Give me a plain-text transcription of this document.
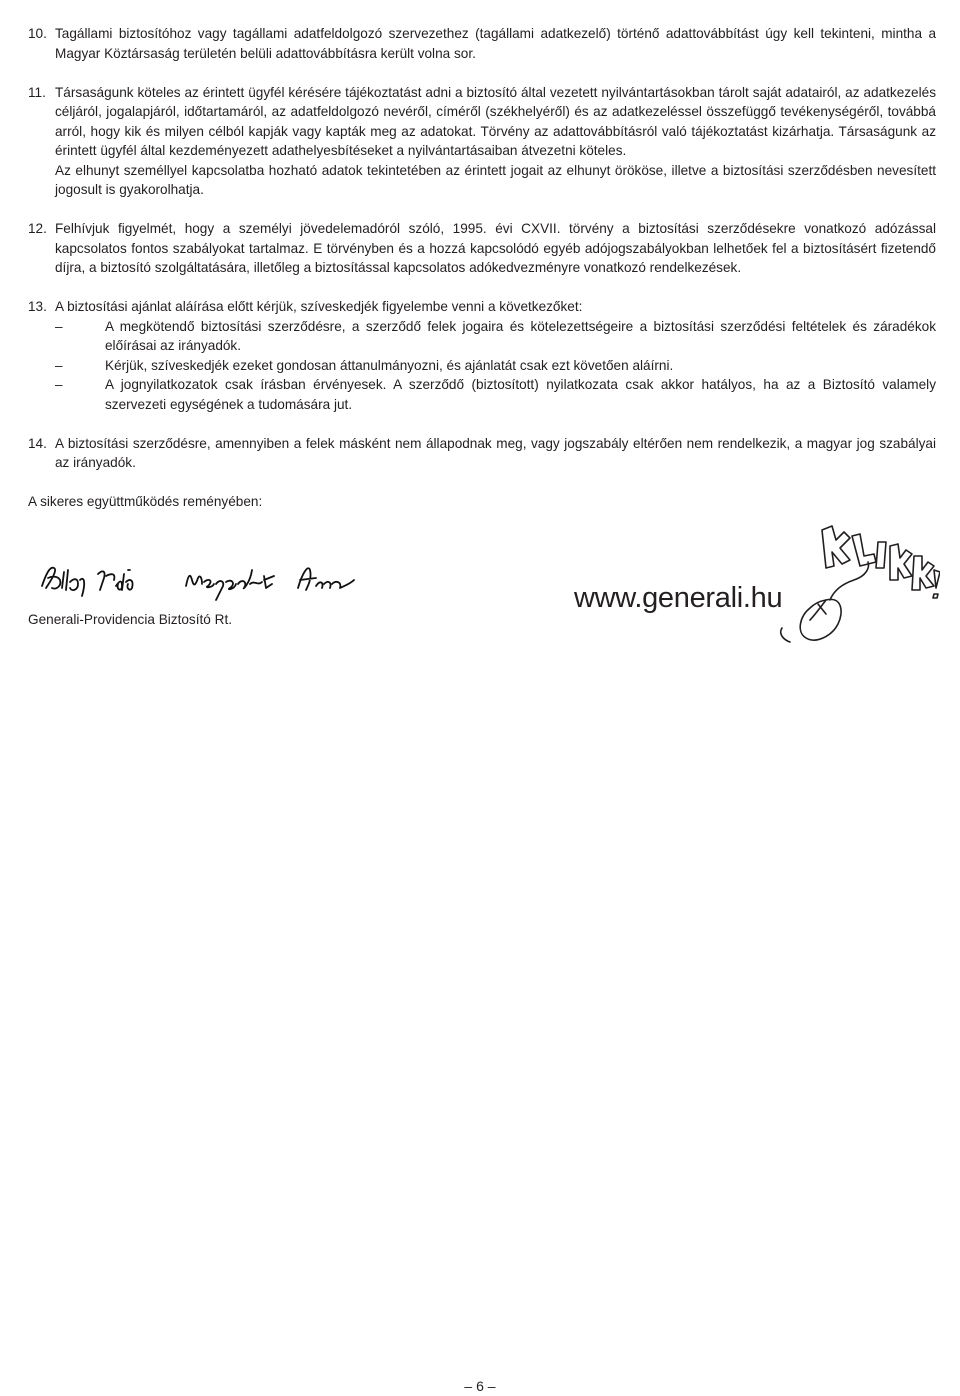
10. Tagállami biztosítóhoz vagy tagállami adatfeldolgozó szervezethez (tagállami adatkezelő) történő adattovábbítást úgy kell tekinteni, mintha a Magyar Köztársaság területén belüli adattovábbításra került volna sor.

11. Társaságunk köteles az érintett ügyfél kérésére tájékoztatást adni a biztosító által vezetett nyilvántartásokban tárolt saját adatairól, az adatkezelés céljáról, jogalapjáról, időtartamáról, az adatfeldolgozó nevéről, címéről (székhelyéről) és az adatkezeléssel összefüggő tevékenységéről, továbbá arról, hogy kik és milyen célból kapják vagy kapták meg az adatokat. Törvény az adattovábbításról való tájékoztatást kizárhatja. Társaságunk az érintett ügyfél által kezdeményezett adathelyesbítéseket a nyilvántartásaiban átvezetni köteles.

Az elhunyt személlyel kapcsolatba hozható adatok tekintetében az érintett jogait az elhunyt örököse, illetve a biztosítási szerződésben nevesített jogosult is gyakorolhatja.

12. Felhívjuk figyelmét, hogy a személyi jövedelemadóról szóló, 1995. évi CXVII. törvény a biztosítási szerződésekre vonatkozó adózással kapcsolatos fontos szabályokat tartalmaz. E törvényben és a hozzá kapcsolódó egyéb adójogszabályokban lelhetőek fel a biztosításért fizetendő díjra, a biztosító szolgáltatására, illetőleg a biztosítással kapcsolatos adókedvezményre vonatkozó rendelkezések.

13. A biztosítási ajánlat aláírása előtt kérjük, szíveskedjék figyelembe venni a következőket:

–	A megkötendő biztosítási szerződésre, a szerződő felek jogaira és kötelezettségeire a biztosítási szerződési feltételek és záradékok előírásai az irányadók.
–	Kérjük, szíveskedjék ezeket gondosan áttanulmányozni, és ajánlatát csak ezt követően aláírni.
–	A jognyilatkozatok csak írásban érvényesek. A szerződő (biztosított) nyilatkozata csak akkor hatályos, ha az a Biztosító valamely szervezeti egységének a tudomására jut.
14. A biztosítási szerződésre, amennyiben a felek másként nem állapodnak meg, vagy jogszabály eltérően nem rendelkezik, a magyar jog szabályai az irányadók.

A sikeres együttműködés reményében:

Generali-Providencia Biztosító Rt.
www.generali.hu
– 6 –
